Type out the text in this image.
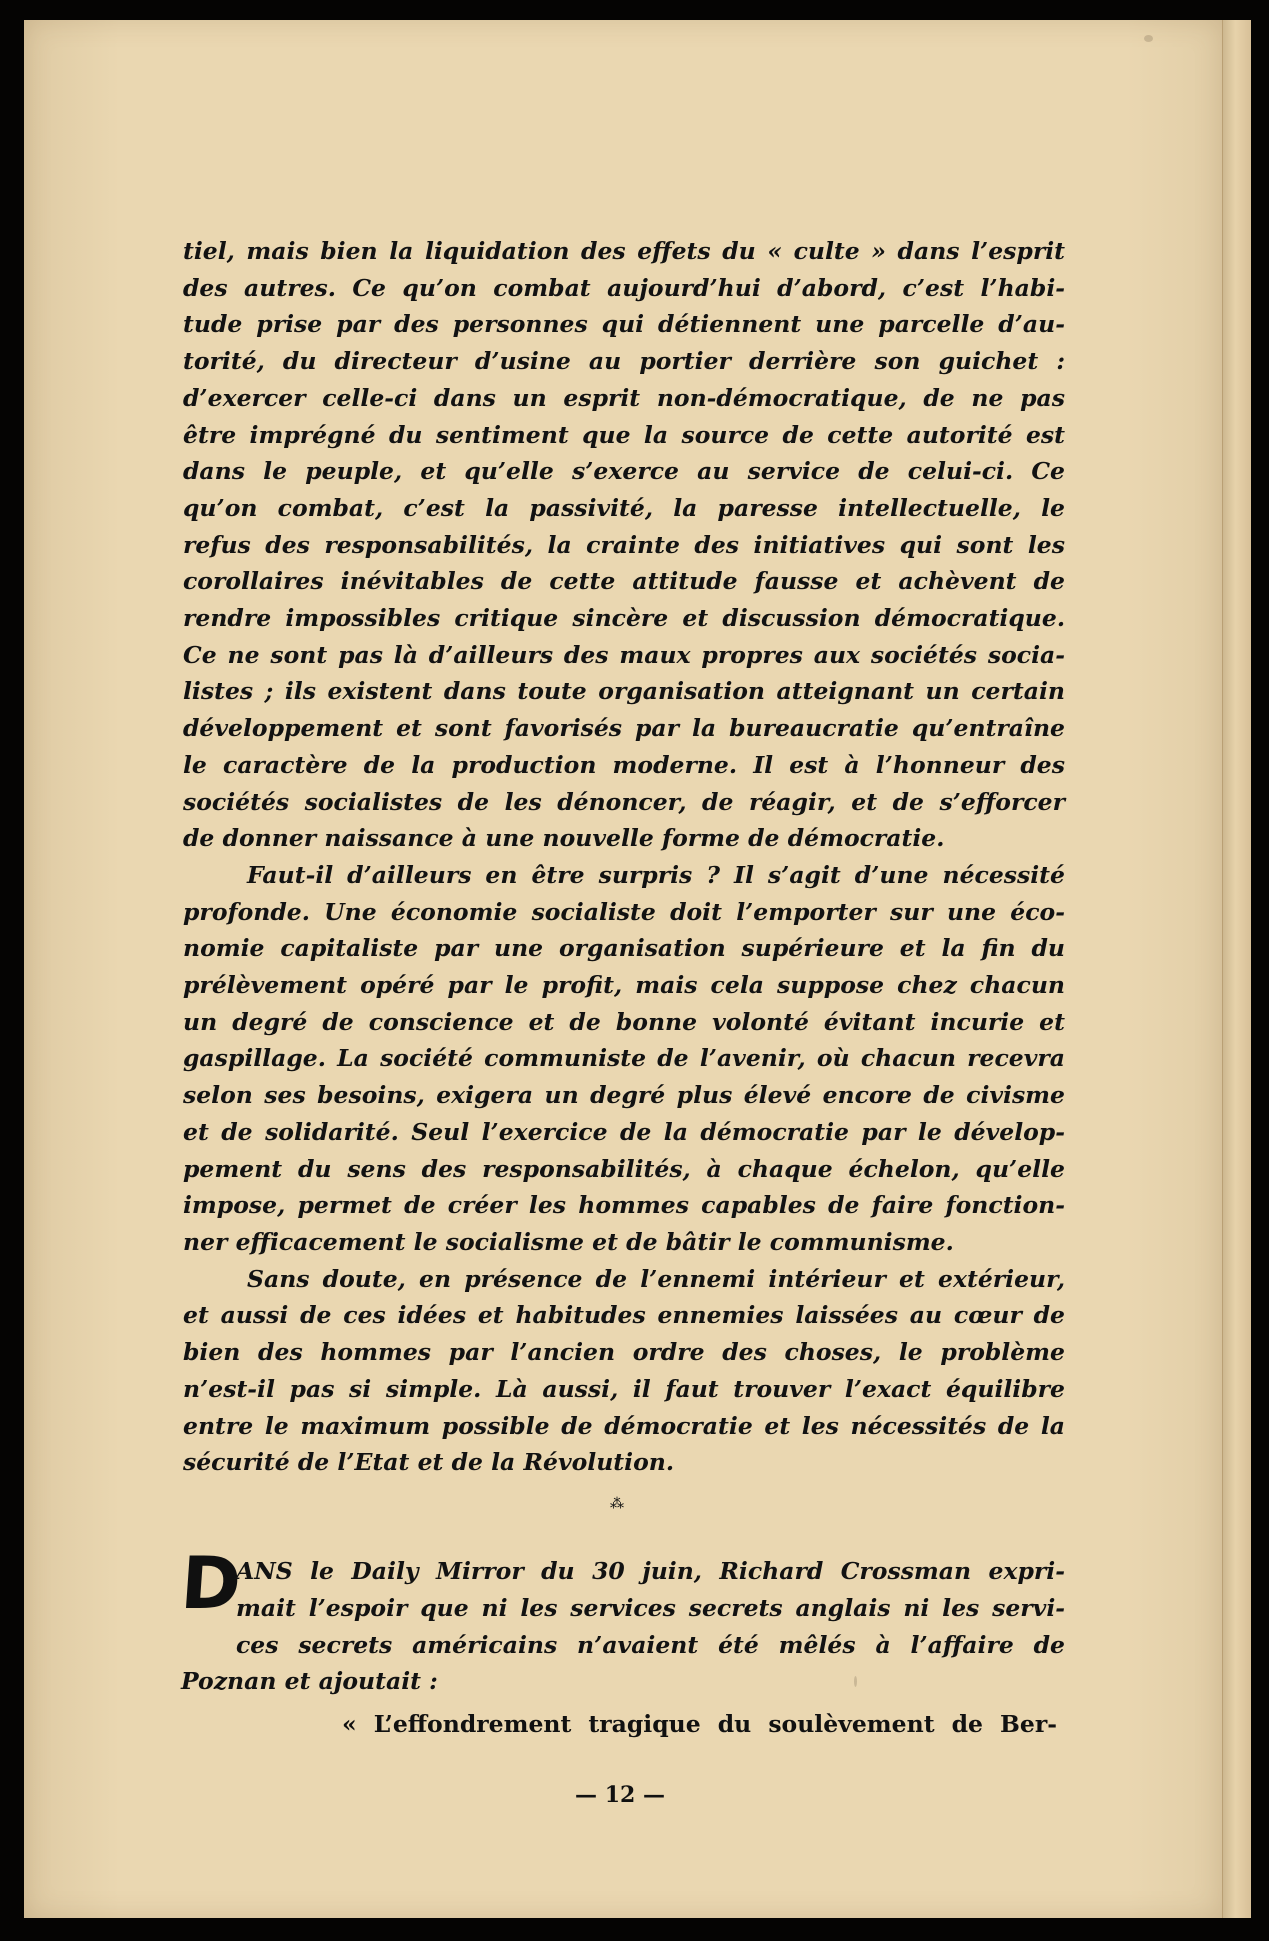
tiel, mais bien la liquidation des effets du « culte » dans l’esprit
des autres. Ce qu’on combat aujourd’hui d’abord, c’est l’habi-
tude prise par des personnes qui détiennent une parcelle d’au-
torité, du directeur d’usine au portier derrière son guichet :
d’exercer celle-ci dans un esprit non-démocratique, de ne pas
être imprégné du sentiment que la source de cette autorité est
dans le peuple, et qu’elle s’exerce au service de celui-ci. Ce
qu’on combat, c’est la passivité, la paresse intellectuelle, le
refus des responsabilités, la crainte des initiatives qui sont les
corollaires inévitables de cette attitude fausse et achèvent de
rendre impossibles critique sincère et discussion démocratique.
Ce ne sont pas là d’ailleurs des maux propres aux sociétés socia-
listes ; ils existent dans toute organisation atteignant un certain
développement et sont favorisés par la bureaucratie qu’entraîne
le caractère de la production moderne. Il est à l’honneur des
sociétés socialistes de les dénoncer, de réagir, et de s’efforcer
de donner naissance à une nouvelle forme de démocratie.
Faut-il d’ailleurs en être surpris ? Il s’agit d’une nécessité
profonde. Une économie socialiste doit l’emporter sur une éco-
nomie capitaliste par une organisation supérieure et la fin du
prélèvement opéré par le profit, mais cela suppose chez chacun
un degré de conscience et de bonne volonté évitant incurie et
gaspillage. La société communiste de l’avenir, où chacun recevra
selon ses besoins, exigera un degré plus élevé encore de civisme
et de solidarité. Seul l’exercice de la démocratie par le dévelop-
pement du sens des responsabilités, à chaque échelon, qu’elle
impose, permet de créer les hommes capables de faire fonction-
ner efficacement le socialisme et de bâtir le communisme.
Sans doute, en présence de l’ennemi intérieur et extérieur,
et aussi de ces idées et habitudes ennemies laissées au cœur de
bien des hommes par l’ancien ordre des choses, le problème
n’est-il pas si simple. Là aussi, il faut trouver l’exact équilibre
entre le maximum possible de démocratie et les nécessités de la
sécurité de l’Etat et de la Révolution.
⁂
D
ANS le Daily Mirror du 30 juin, Richard Crossman expri-
mait l’espoir que ni les services secrets anglais ni les servi-
ces secrets américains n’avaient été mêlés à l’affaire de
Poznan et ajoutait :
« L’effondrement tragique du soulèvement de Ber-
— 12 —
